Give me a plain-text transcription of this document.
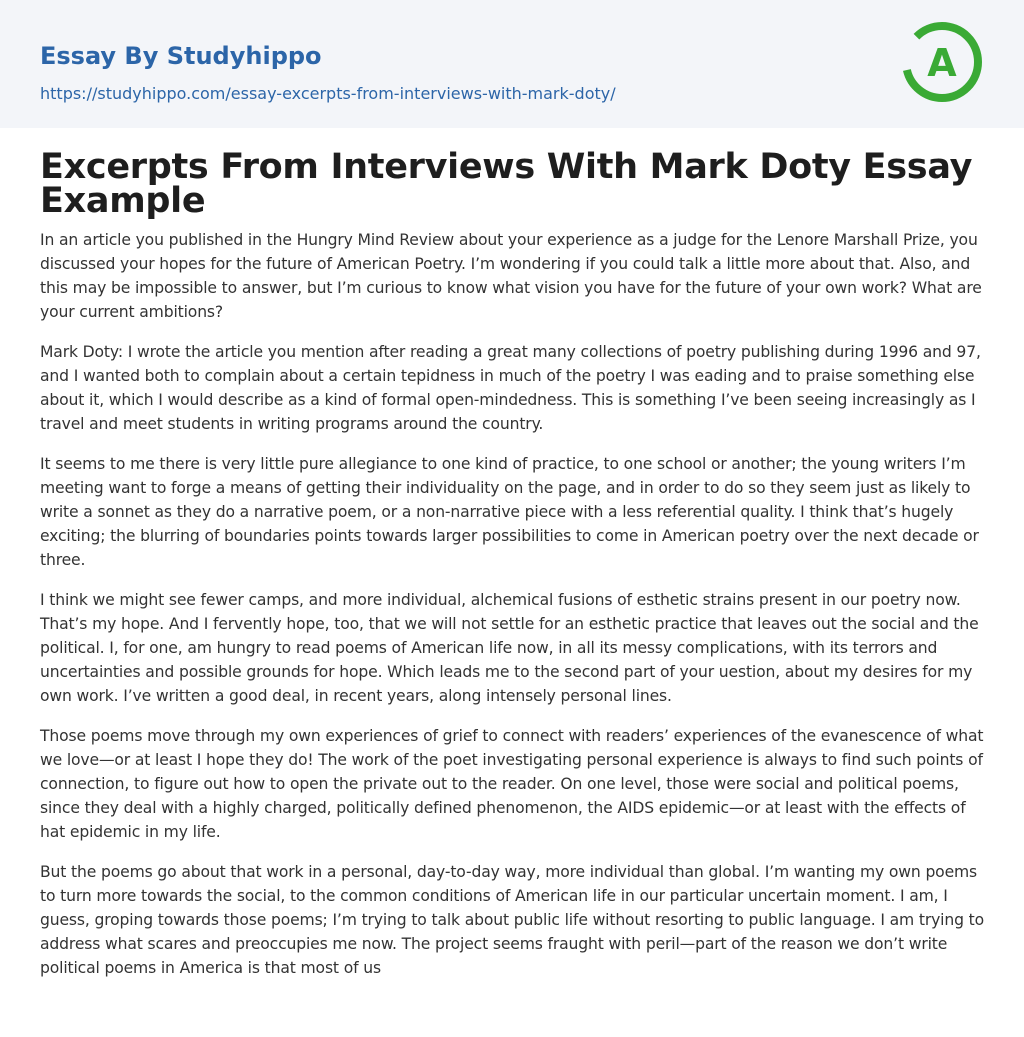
Essay By Studyhippo
https://studyhippo.com/essay-excerpts-from-interviews-with-mark-doty/
A
Excerpts From Interviews With Mark Doty Essay Example

In an article you published in the Hungry Mind Review about your experience as a judge for the Lenore Marshall Prize, you discussed your hopes for the future of American Poetry. I’m wondering if you could talk a little more about that. Also, and this may be impossible to answer, but I’m curious to know what vision you have for the future of your own work? What are your current ambitions?

Mark Doty: I wrote the article you mention after reading a great many collections of poetry publishing during 1996 and 97, and I wanted both to complain about a certain tepidness in much of the poetry I was eading and to praise something else about it, which I would describe as a kind of formal open-mindedness. This is something I’ve been seeing increasingly as I travel and meet students in writing programs around the country.

It seems to me there is very little pure allegiance to one kind of practice, to one school or another; the young writers I’m meeting want to forge a means of getting their individuality on the page, and in order to do so they seem just as likely to write a sonnet as they do a narrative poem, or a non-narrative piece with a less referential quality. I think that’s hugely exciting; the blurring of boundaries points towards larger possibilities to come in American poetry over the next decade or three.

I think we might see fewer camps, and more individual, alchemical fusions of esthetic strains present in our poetry now. That’s my hope. And I fervently hope, too, that we will not settle for an esthetic practice that leaves out the social and the political. I, for one, am hungry to read poems of American life now, in all its messy complications, with its terrors and uncertainties and possible grounds for hope. Which leads me to the second part of your uestion, about my desires for my own work. I’ve written a good deal, in recent years, along intensely personal lines.

Those poems move through my own experiences of grief to connect with readers’ experiences of the evanescence of what we love—or at least I hope they do! The work of the poet investigating personal experience is always to find such points of connection, to figure out how to open the private out to the reader. On one level, those were social and political poems, since they deal with a highly charged, politically defined phenomenon, the AIDS epidemic—or at least with the effects of hat epidemic in my life.

But the poems go about that work in a personal, day-to-day way, more individual than global. I’m wanting my own poems to turn more towards the social, to the common conditions of American life in our particular uncertain moment. I am, I guess, groping towards those poems; I’m trying to talk about public life without resorting to public language. I am trying to address what scares and preoccupies me now. The project seems fraught with peril—part of the reason we don’t write political poems in America is that most of us
